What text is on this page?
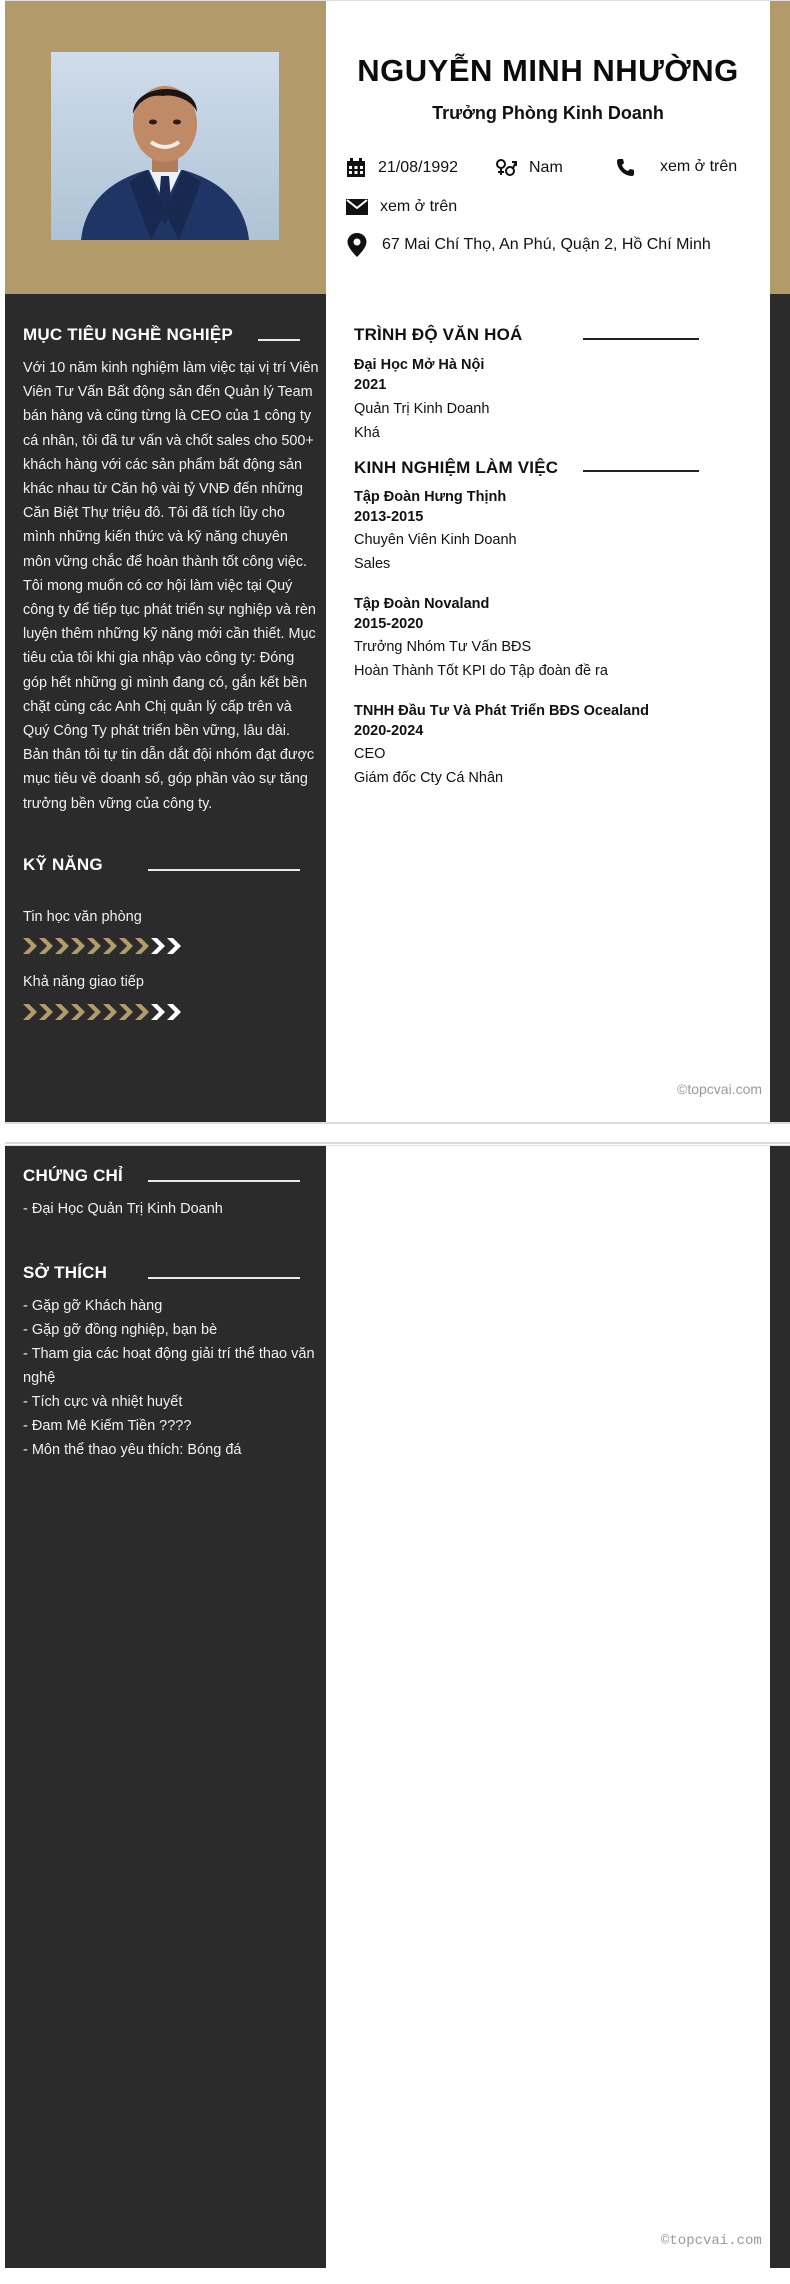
NGUYỄN MINH NHƯỜNG
Trưởng Phòng Kinh Doanh
21/08/1992	Nam	xem ở trên
xem ở trên
67 Mai Chí Thọ, An Phú, Quận 2, Hồ Chí Minh
MỤC TIÊU NGHỀ NGHIỆP
Với 10 năm kinh nghiệm làm việc tại vị trí Viên Viên Tư Vấn Bất động sản đến Quản lý Team bán hàng và cũng từng là CEO của 1 công ty cá nhân, tôi đã tư vấn và chốt sales cho 500+ khách hàng với các sản phẩm bất động sản khác nhau từ Căn hộ vài tỷ VNĐ đến những Căn Biệt Thự triệu đô. Tôi đã tích lũy cho mình những kiến thức và kỹ năng chuyên môn vững chắc để hoàn thành tốt công việc. Tôi mong muốn có cơ hội làm việc tại Quý công ty để tiếp tục phát triển sự nghiệp và rèn luyện thêm những kỹ năng mới cần thiết. Mục tiêu của tôi khi gia nhập vào công ty: Đóng góp hết những gì mình đang có, gắn kết bền chặt cùng các Anh Chị quản lý cấp trên và Quý Công Ty phát triển bền vững, lâu dài. Bản thân tôi tự tin dẫn dắt đội nhóm đạt được mục tiêu về doanh số, góp phần vào sự tăng trưởng bền vững của công ty.
KỸ NĂNG
Tin học văn phòng
Khả năng giao tiếp
TRÌNH ĐỘ VĂN HOÁ
Đại Học Mở Hà Nội
2021
Quản Trị Kinh Doanh
Khá
KINH NGHIỆM LÀM VIỆC
Tập Đoàn Hưng Thịnh
2013-2015
Chuyên Viên Kinh Doanh
Sales
Tập Đoàn Novaland
2015-2020
Trưởng Nhóm Tư Vấn BĐS
Hoàn Thành Tốt KPI do Tập đoàn đề ra
TNHH Đầu Tư Và Phát Triển BĐS Ocealand
2020-2024
CEO
Giám đốc Cty Cá Nhân
©topcvai.com
CHỨNG CHỈ
- Đại Học Quản Trị Kinh Doanh
SỞ THÍCH
- Gặp gỡ Khách hàng
- Gặp gỡ đồng nghiệp, bạn bè
- Tham gia các hoạt động giải trí thể thao văn nghệ
- Tích cực và nhiệt huyết
- Đam Mê Kiếm Tiền ????
- Môn thể thao yêu thích: Bóng đá
©topcvai.com
